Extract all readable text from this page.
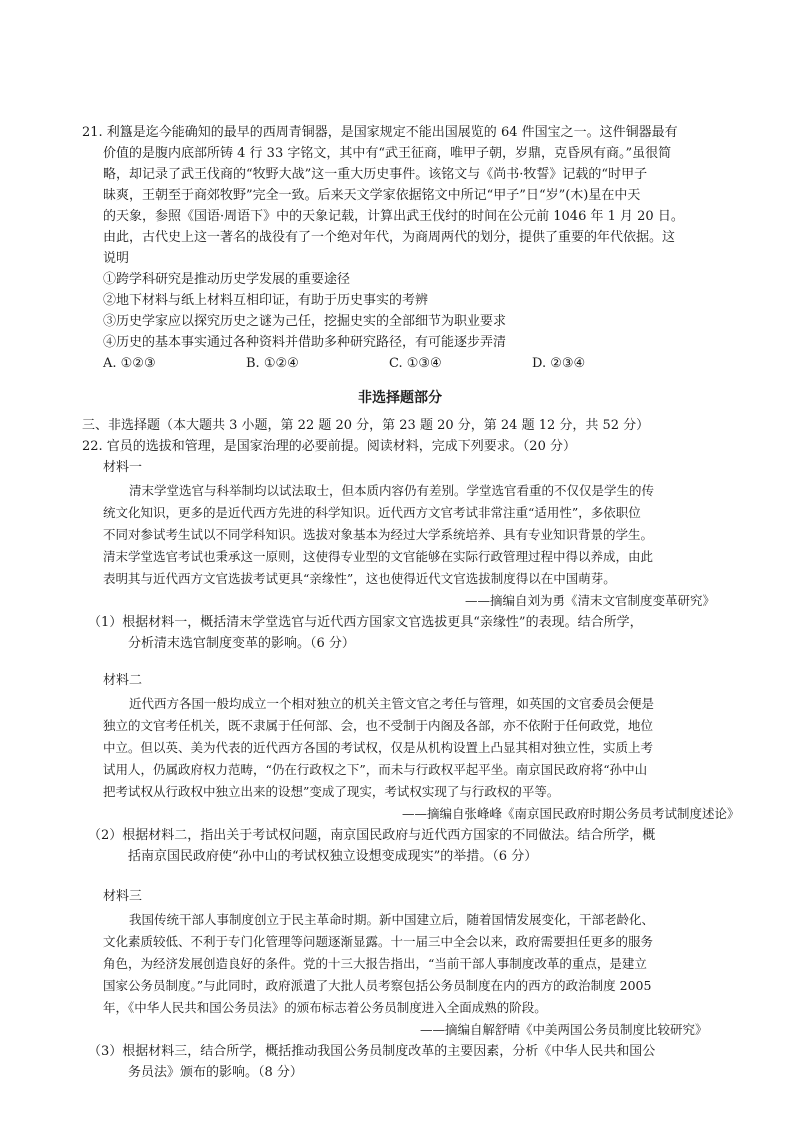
21. 利簋是迄今能确知的最早的西周青铜器，是国家规定不能出国展览的 64 件国宝之一。这件铜器最有
价值的是腹内底部所铸 4 行 33 字铭文，其中有“武王征商，唯甲子朝，岁鼎，克昏夙有商。”虽很简
略，却记录了武王伐商的“牧野大战”这一重大历史事件。该铭文与《尚书·牧誓》记载的“时甲子
昧爽，王朝至于商郊牧野”完全一致。后来天文学家依据铭文中所记“甲子”日“岁”(木)星在中天
的天象，参照《国语·周语下》中的天象记载，计算出武王伐纣的时间在公元前 1046 年 1 月 20 日。
由此，古代史上这一著名的战役有了一个绝对年代，为商周两代的划分，提供了重要的年代依据。这
说明
①跨学科研究是推动历史学发展的重要途径
②地下材料与纸上材料互相印证，有助于历史事实的考辨
③历史学家应以探究历史之谜为己任，挖掘史实的全部细节为职业要求
④历史的基本事实通过各种资料并借助多种研究路径，有可能逐步弄清
A. ①②③	B. ①②④	C. ①③④	D. ②③④
非选择题部分
三、非选择题（本大题共 3 小题，第 22 题 20 分，第 23 题 20 分，第 24 题 12 分，共 52 分）
22. 官员的选拔和管理，是国家治理的必要前提。阅读材料，完成下列要求。（20 分）
材料一
清末学堂选官与科举制均以试法取士，但本质内容仍有差别。学堂选官看重的不仅仅是学生的传
统文化知识，更多的是近代西方先进的科学知识。近代西方文官考试非常注重“适用性”，多依职位
不同对参试考生试以不同学科知识。选拔对象基本为经过大学系统培养、具有专业知识背景的学生。
清末学堂选官考试也秉承这一原则，这使得专业型的文官能够在实际行政管理过程中得以养成，由此
表明其与近代西方文官选拔考试更具“亲缘性”，这也使得近代文官选拔制度得以在中国萌芽。
——摘编自刘为勇《清末文官制度变革研究》
（1）根据材料一，概括清末学堂选官与近代西方国家文官选拔更具“亲缘性”的表现。结合所学，
分析清末选官制度变革的影响。（6 分）
材料二
近代西方各国一般均成立一个相对独立的机关主管文官之考任与管理，如英国的文官委员会便是
独立的文官考任机关，既不隶属于任何部、会，也不受制于内阁及各部，亦不依附于任何政党，地位
中立。但以英、美为代表的近代西方各国的考试权，仅是从机构设置上凸显其相对独立性，实质上考
试用人，仍属政府权力范畴，“仍在行政权之下”，而未与行政权平起平坐。南京国民政府将“孙中山
把考试权从行政权中独立出来的设想”变成了现实，考试权实现了与行政权的平等。
——摘编自张峰峰《南京国民政府时期公务员考试制度述论》
（2）根据材料二，指出关于考试权问题，南京国民政府与近代西方国家的不同做法。结合所学，概
括南京国民政府使“孙中山的考试权独立设想变成现实”的举措。（6 分）
材料三
我国传统干部人事制度创立于民主革命时期。新中国建立后，随着国情发展变化，干部老龄化、
文化素质较低、不利于专门化管理等问题逐渐显露。十一届三中全会以来，政府需要担任更多的服务
角色，为经济发展创造良好的条件。党的十三大报告指出，“当前干部人事制度改革的重点，是建立
国家公务员制度。”与此同时，政府派遣了大批人员考察包括公务员制度在内的西方的政治制度 2005
年，《中华人民共和国公务员法》的颁布标志着公务员制度进入全面成熟的阶段。
——摘编自解舒晴《中美两国公务员制度比较研究》
（3）根据材料三，结合所学，概括推动我国公务员制度改革的主要因素，分析《中华人民共和国公
务员法》颁布的影响。（8 分）
